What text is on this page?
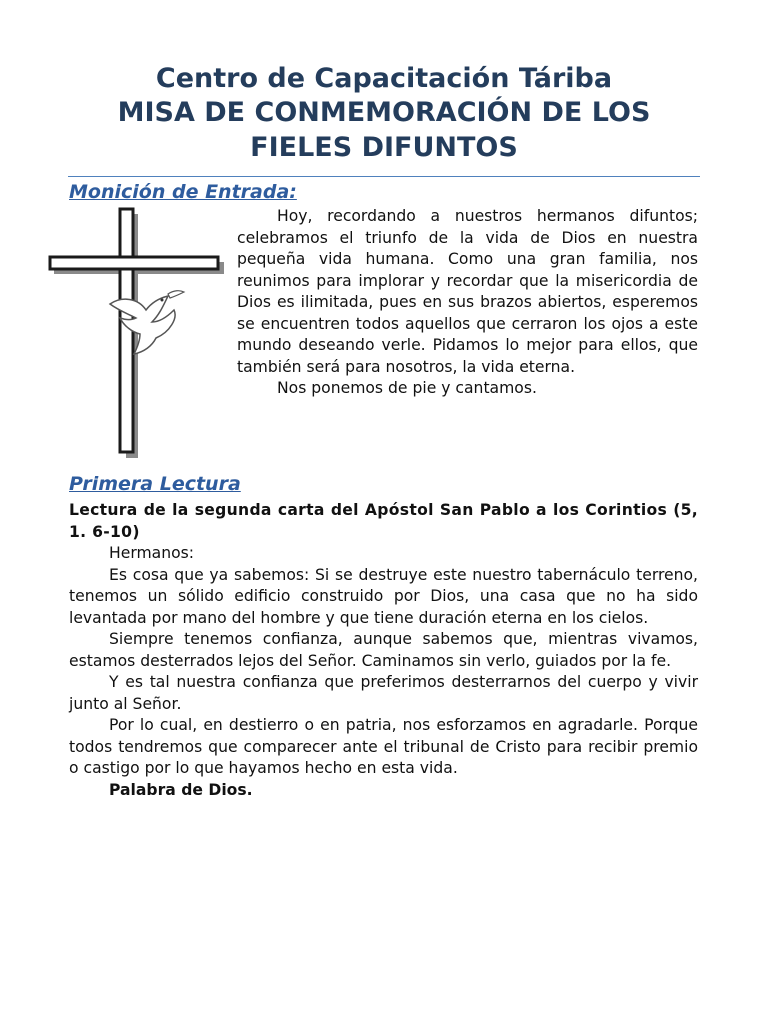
Centro de Capacitación Táriba
MISA DE CONMEMORACIÓN DE LOS
FIELES DIFUNTOS
Monición de Entrada:

Hoy, recordando a nuestros hermanos difuntos; celebramos el triunfo de la vida de Dios en nuestra pequeña vida humana. Como una gran familia, nos reunimos para implorar y recordar que la misericordia de Dios es ilimitada, pues en sus brazos abiertos, esperemos se encuentren todos aquellos que cerraron los ojos a este mundo deseando verle. Pidamos lo mejor para ellos, que también será para nosotros, la vida eterna.

Nos ponemos de pie y cantamos.

Primera Lectura

Lectura de la segunda carta del Apóstol San Pablo a los Corintios (5, 1. 6-10)

Hermanos:

Es cosa que ya sabemos: Si se destruye este nuestro tabernáculo terreno, tenemos un sólido edificio construido por Dios, una casa que no ha sido levantada por mano del hombre y que tiene duración eterna en los cielos.

Siempre tenemos confianza, aunque sabemos que, mientras vivamos, estamos desterrados lejos del Señor. Caminamos sin verlo, guiados por la fe.

Y es tal nuestra confianza que preferimos desterrarnos del cuerpo y vivir junto al Señor.

Por lo cual, en destierro o en patria, nos esforzamos en agradarle. Porque todos tendremos que comparecer ante el tribunal de Cristo para recibir premio o castigo por lo que hayamos hecho en esta vida.

Palabra de Dios.
